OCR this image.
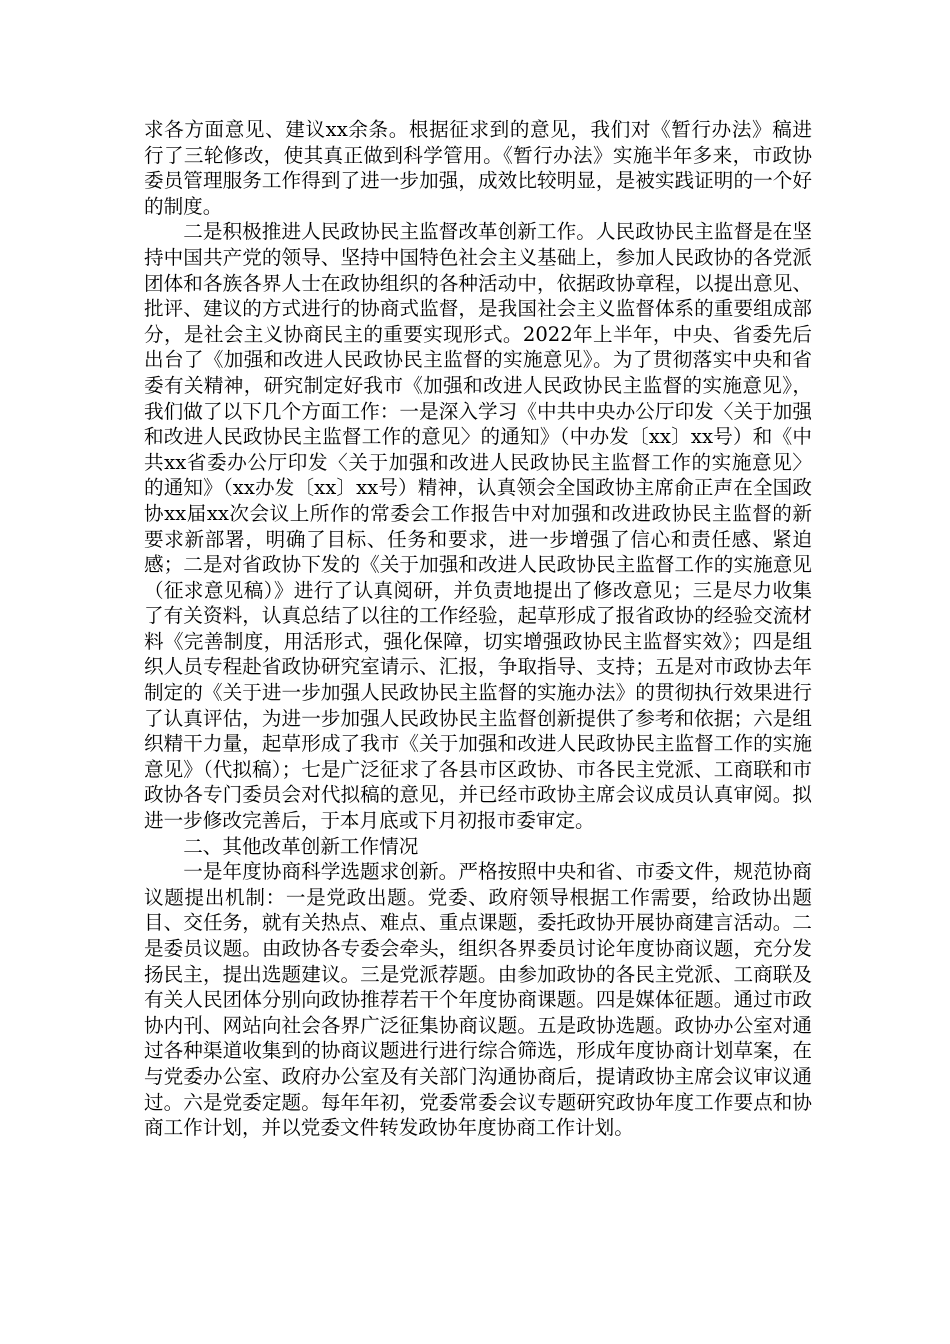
求各方面意见、建议xx余条。根据征求到的意见，我们对《暂行办法》稿进行了三轮修改，使其真正做到科学管用。《暂行办法》实施半年多来，市政协委员管理服务工作得到了进一步加强，成效比较明显，是被实践证明的一个好的制度。

二是积极推进人民政协民主监督改革创新工作。人民政协民主监督是在坚持中国共产党的领导、坚持中国特色社会主义基础上，参加人民政协的各党派团体和各族各界人士在政协组织的各种活动中，依据政协章程，以提出意见、批评、建议的方式进行的协商式监督，是我国社会主义监督体系的重要组成部分，是社会主义协商民主的重要实现形式。2022年上半年，中央、省委先后出台了《加强和改进人民政协民主监督的实施意见》。为了贯彻落实中央和省委有关精神，研究制定好我市《加强和改进人民政协民主监督的实施意见》，我们做了以下几个方面工作：一是深入学习《中共中央办公厅印发〈关于加强和改进人民政协民主监督工作的意见〉的通知》（中办发〔xx〕xx号）和《中共xx省委办公厅印发〈关于加强和改进人民政协民主监督工作的实施意见〉的通知》（xx办发〔xx〕xx号）精神，认真领会全国政协主席俞正声在全国政协xx届xx次会议上所作的常委会工作报告中对加强和改进政协民主监督的新要求新部署，明确了目标、任务和要求，进一步增强了信心和责任感、紧迫感；二是对省政协下发的《关于加强和改进人民政协民主监督工作的实施意见（征求意见稿）》进行了认真阅研，并负责地提出了修改意见；三是尽力收集了有关资料，认真总结了以往的工作经验，起草形成了报省政协的经验交流材料《完善制度，用活形式，强化保障，切实增强政协民主监督实效》；四是组织人员专程赴省政协研究室请示、汇报，争取指导、支持；五是对市政协去年制定的《关于进一步加强人民政协民主监督的实施办法》的贯彻执行效果进行了认真评估，为进一步加强人民政协民主监督创新提供了参考和依据；六是组织精干力量，起草形成了我市《关于加强和改进人民政协民主监督工作的实施意见》（代拟稿）；七是广泛征求了各县市区政协、市各民主党派、工商联和市政协各专门委员会对代拟稿的意见，并已经市政协主席会议成员认真审阅。拟进一步修改完善后，于本月底或下月初报市委审定。

二、其他改革创新工作情况

一是年度协商科学选题求创新。严格按照中央和省、市委文件，规范协商议题提出机制：一是党政出题。党委、政府领导根据工作需要，给政协出题目、交任务，就有关热点、难点、重点课题，委托政协开展协商建言活动。二是委员议题。由政协各专委会牵头，组织各界委员讨论年度协商议题，充分发扬民主，提出选题建议。三是党派荐题。由参加政协的各民主党派、工商联及有关人民团体分别向政协推荐若干个年度协商课题。四是媒体征题。通过市政协内刊、网站向社会各界广泛征集协商议题。五是政协选题。政协办公室对通过各种渠道收集到的协商议题进行进行综合筛选，形成年度协商计划草案，在与党委办公室、政府办公室及有关部门沟通协商后，提请政协主席会议审议通过。六是党委定题。每年年初，党委常委会议专题研究政协年度工作要点和协商工作计划，并以党委文件转发政协年度协商工作计划。
